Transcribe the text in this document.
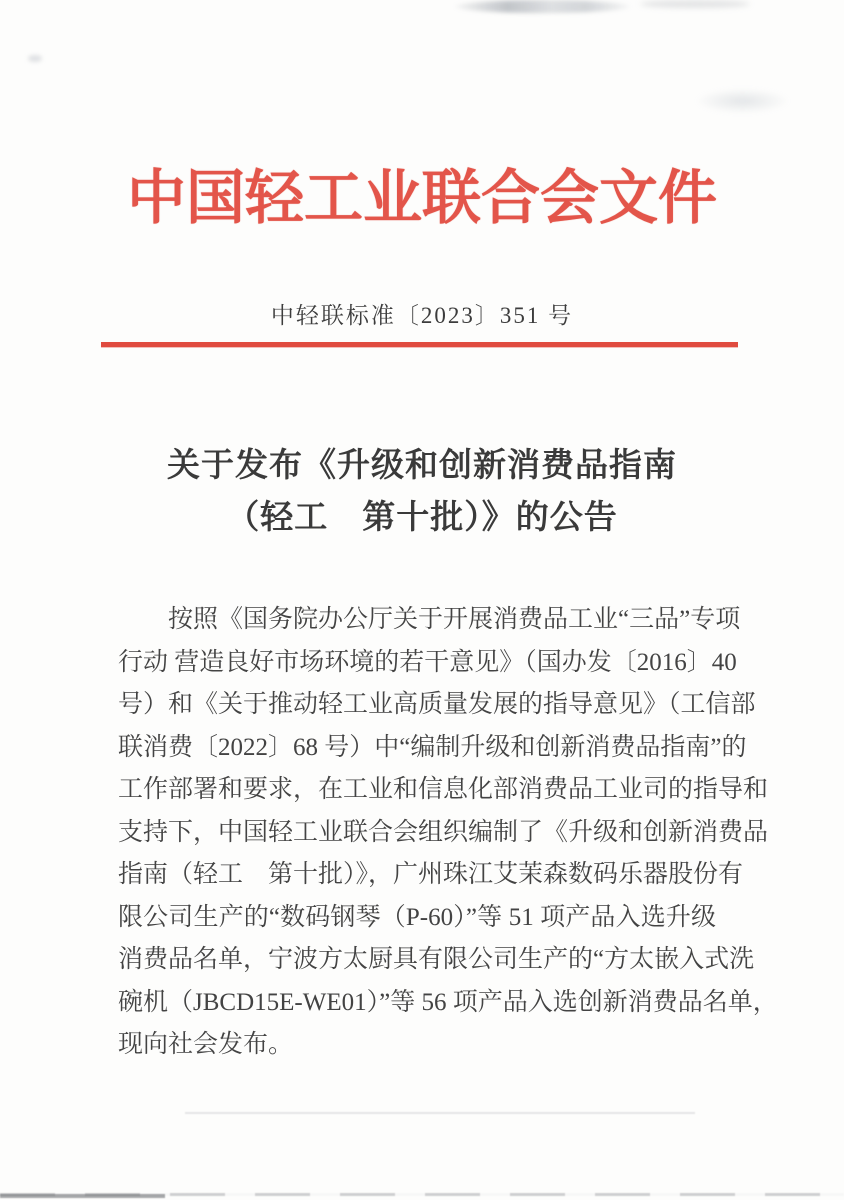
中国轻工业联合会文件
中轻联标准〔2023〕351 号
关于发布《升级和创新消费品指南
（轻工　第十批）》的公告
按照《国务院办公厅关于开展消费品工业“三品”专项
行动 营造良好市场环境的若干意见》（国办发〔2016〕40
号）和《关于推动轻工业高质量发展的指导意见》（工信部
联消费〔2022〕68 号）中“编制升级和创新消费品指南”的
工作部署和要求，在工业和信息化部消费品工业司的指导和
支持下，中国轻工业联合会组织编制了《升级和创新消费品
指南（轻工　第十批）》，广州珠江艾茉森数码乐器股份有
限公司生产的“数码钢琴（P-60）”等 51 项产品入选升级
消费品名单，宁波方太厨具有限公司生产的“方太嵌入式洗
碗机（JBCD15E-WE01）”等 56 项产品入选创新消费品名单，
现向社会发布。
